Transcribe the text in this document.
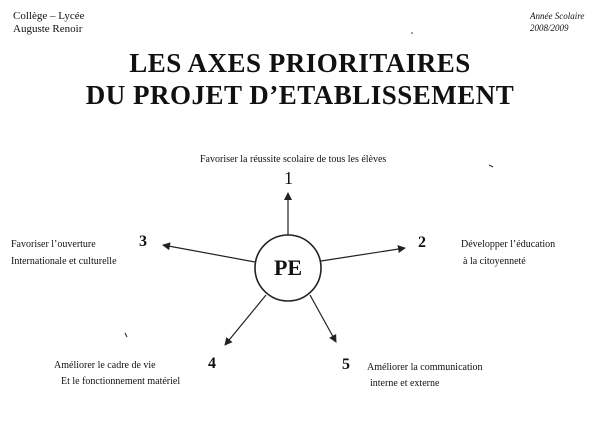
Collège – Lycée
Auguste Renoir
Année Scolaire
2008/2009
LES AXES PRIORITAIRES
DU PROJET D’ETABLISSEMENT
PE
Favoriser la réussite scolaire de tous les élèves
1
2	Développer l’éducation
à la citoyenneté
Favoriser l’ouverture
Internationale et culturelle
3
Améliorer le cadre de vie
Et le fonctionnement matériel
4	5 Améliorer la communication
interne et externe
